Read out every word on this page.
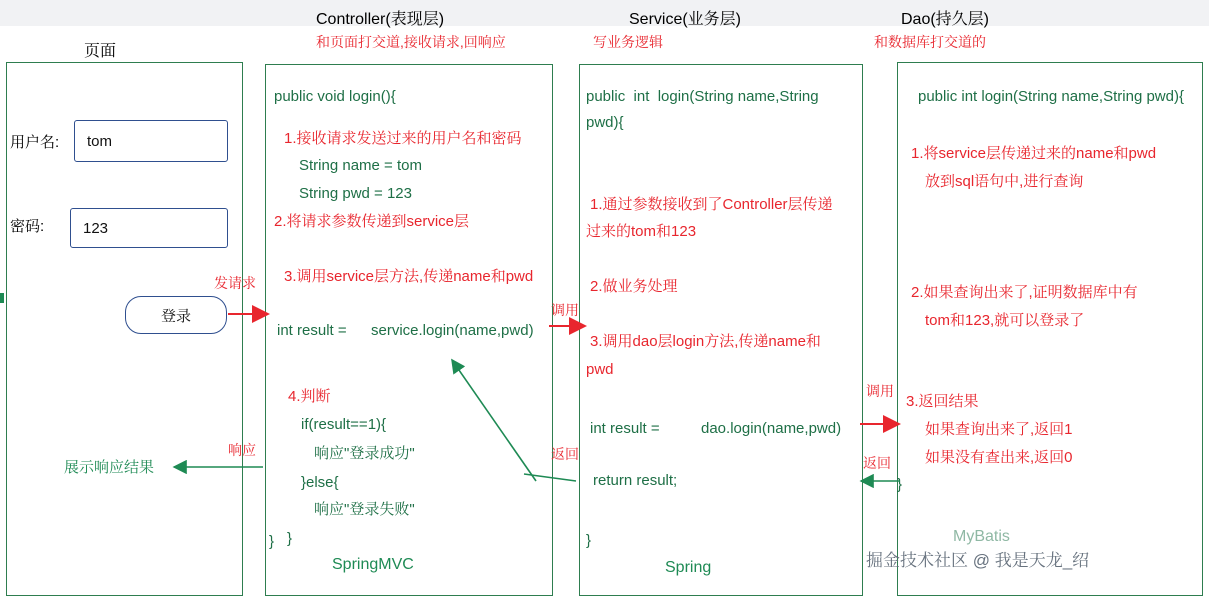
页面
Controller(表现层)
和页面打交道,接收请求,回响应
Service(业务层)
写业务逻辑
Dao(持久层)
和数据库打交道的
用户名:	tom
密码:	123
登录
展示响应结果
public void login(){
1.接收请求发送过来的用户名和密码
String name = tom
String pwd = 123
2.将请求参数传递到service层
3.调用service层方法,传递name和pwd
int result = service.login(name,pwd)
4.判断
if(result==1){
响应"登录成功"
}else{
响应"登录失败"
}
}
SpringMVC
public  int  login(String name,String
pwd){
1.通过参数接收到了Controller层传递
过来的tom和123
2.做业务处理
3.调用dao层login方法,传递name和
pwd
int result = dao.login(name,pwd)
return result;
}
Spring
public int login(String name,String pwd){
1.将service层传递过来的name和pwd
放到sql语句中,进行查询
2.如果查询出来了,证明数据库中有
tom和123,就可以登录了
3.返回结果
如果查询出来了,返回1
如果没有查出来,返回0
}
MyBatis
发请求
响应
调用
返回
调用
返回
掘金技术社区 @ 我是天龙_绍
